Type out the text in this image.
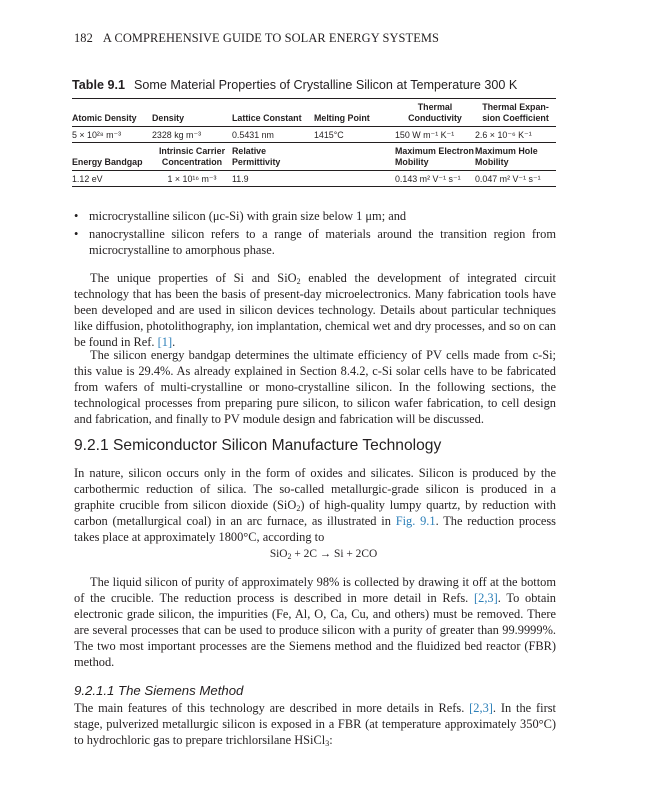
182 A COMPREHENSIVE GUIDE TO SOLAR ENERGY SYSTEMS
Table 9.1 Some Material Properties of Crystalline Silicon at Temperature 300 K
Atomic Density	Density	Lattice Constant	Melting Point	Thermal Conductivity	Thermal Expan-sion Coefficient
5 × 10²⁸ m⁻³	2328 kg m⁻³	0.5431 nm	1415°C	150 W m⁻¹ K⁻¹	2.6 × 10⁻⁶ K⁻¹
Energy Bandgap	Intrinsic Carrier Concentration	Relative Permittivity		Maximum Electron Mobility	Maximum Hole Mobility
1.12 eV	1 × 10¹⁶ m⁻³	11.9		0.143 m² V⁻¹ s⁻¹	0.047 m² V⁻¹ s⁻¹
• microcrystalline silicon (μc-Si) with grain size below 1 μm; and
• nanocrystalline silicon refers to a range of materials around the transition region from microcrystalline to amorphous phase.
The unique properties of Si and SiO$_2$ enabled the development of integrated circuit technology that has been the basis of present-day microelectronics. Many fabrication tools have been developed and are used in silicon devices technology. Details about particular techniques like diffusion, photolithography, ion implantation, chemical wet and dry processes, and so on can be found in Ref. [1].
The silicon energy bandgap determines the ultimate efficiency of PV cells made from c-Si; this value is 29.4%. As already explained in Section 8.4.2, c-Si solar cells have to be fabricated from wafers of multi-crystalline or mono-crystalline silicon. In the following sections, the technological processes from preparing pure silicon, to silicon wafer fabrication, to cell design and fabrication, and finally to PV module design and fabrication will be discussed.
9.2.1 Semiconductor Silicon Manufacture Technology

In nature, silicon occurs only in the form of oxides and silicates. Silicon is produced by the carbothermic reduction of silica. The so-called metallurgic-grade silicon is produced in a graphite crucible from silicon dioxide (SiO$_2$) of high-quality lumpy quartz, by reduction with carbon (metallurgical coal) in an arc furnace, as illustrated in Fig. 9.1. The reduction process takes place at approximately 1800°C, according to

SiO$_2$ + 2C → Si + 2CO
The liquid silicon of purity of approximately 98% is collected by drawing it off at the bottom of the crucible. The reduction process is described in more detail in Refs. [2,3]. To obtain electronic grade silicon, the impurities (Fe, Al, O, Ca, Cu, and others) must be removed. There are several processes that can be used to produce silicon with a purity of greater than 99.9999%. The two most important processes are the Siemens method and the fluidized bed reactor (FBR) method.
9.2.1.1 The Siemens Method

The main features of this technology are described in more details in Refs. [2,3]. In the first stage, pulverized metallurgic silicon is exposed in a FBR (at temperature approximately 350°C) to hydrochloric gas to prepare trichlorsilane HSiCl$_3$:
